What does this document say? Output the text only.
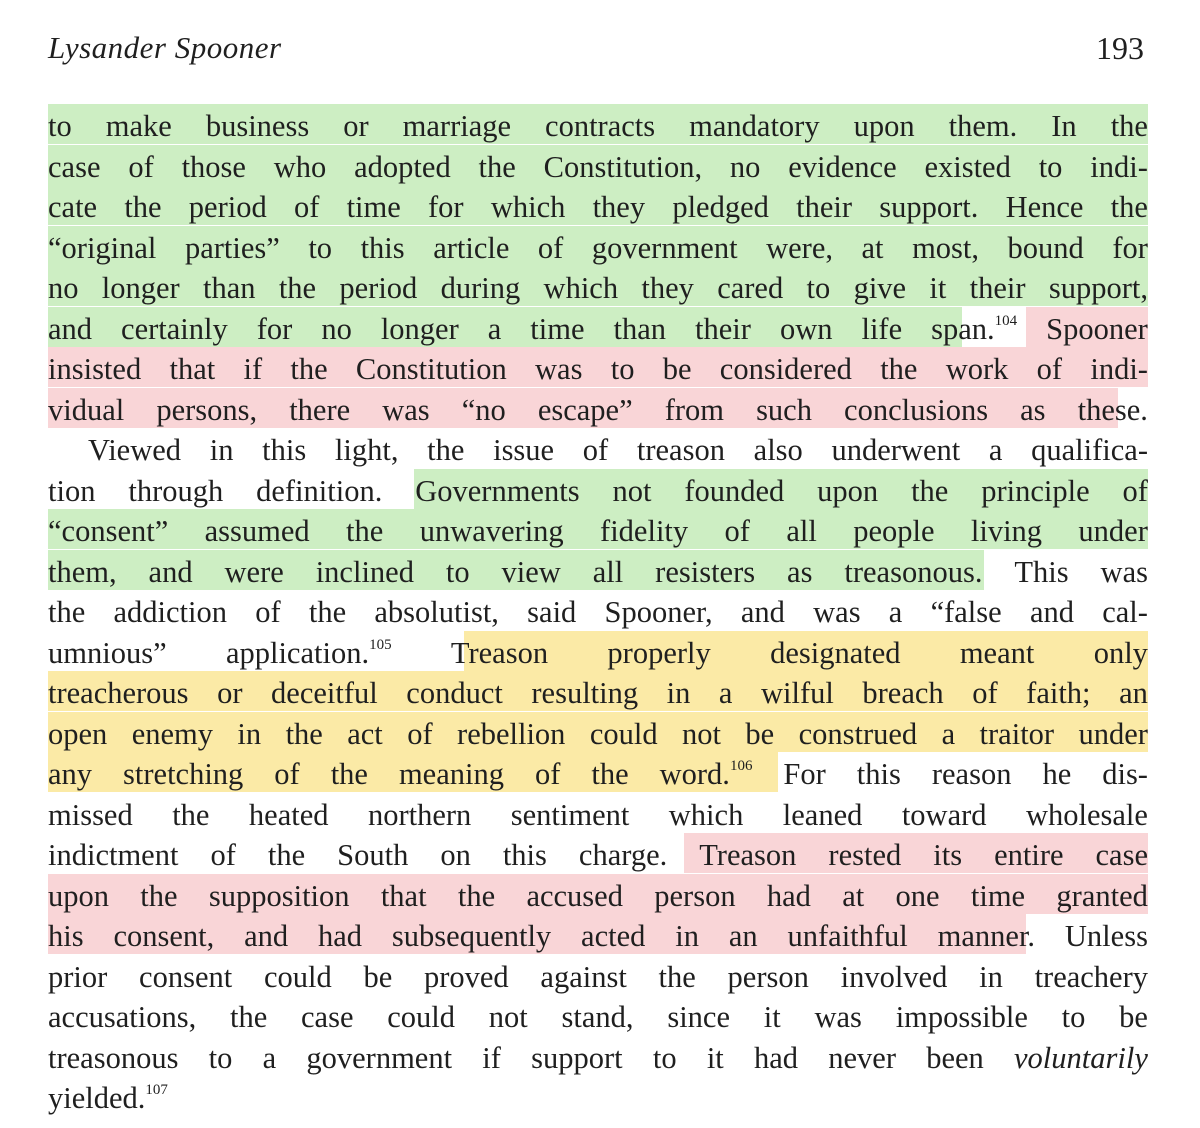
Lysander Spooner	193
to make business or marriage contracts mandatory upon them. In the
case of those who adopted the Constitution, no evidence existed to indi-
cate the period of time for which they pledged their support. Hence the
“original parties” to this article of government were, at most, bound for
no longer than the period during which they cared to give it their support,
and certainly for no longer a time than their own life span.$^{104}$ Spooner
insisted that if the Constitution was to be considered the work of indi-
vidual persons, there was “no escape” from such conclusions as these.
Viewed in this light, the issue of treason also underwent a qualifica-
tion through definition. Governments not founded upon the principle of
“consent” assumed the unwavering fidelity of all people living under
them, and were inclined to view all resisters as treasonous. This was
the addiction of the absolutist, said Spooner, and was a “false and cal-
umnious” application.$^{105}$ Treason properly designated meant only
treacherous or deceitful conduct resulting in a wilful breach of faith; an
open enemy in the act of rebellion could not be construed a traitor under
any stretching of the meaning of the word.$^{106}$ For this reason he dis-
missed the heated northern sentiment which leaned toward wholesale
indictment of the South on this charge. Treason rested its entire case
upon the supposition that the accused person had at one time granted
his consent, and had subsequently acted in an unfaithful manner. Unless
prior consent could be proved against the person involved in treachery
accusations, the case could not stand, since it was impossible to be
treasonous to a government if support to it had never been voluntarily
yielded.$^{107}$
